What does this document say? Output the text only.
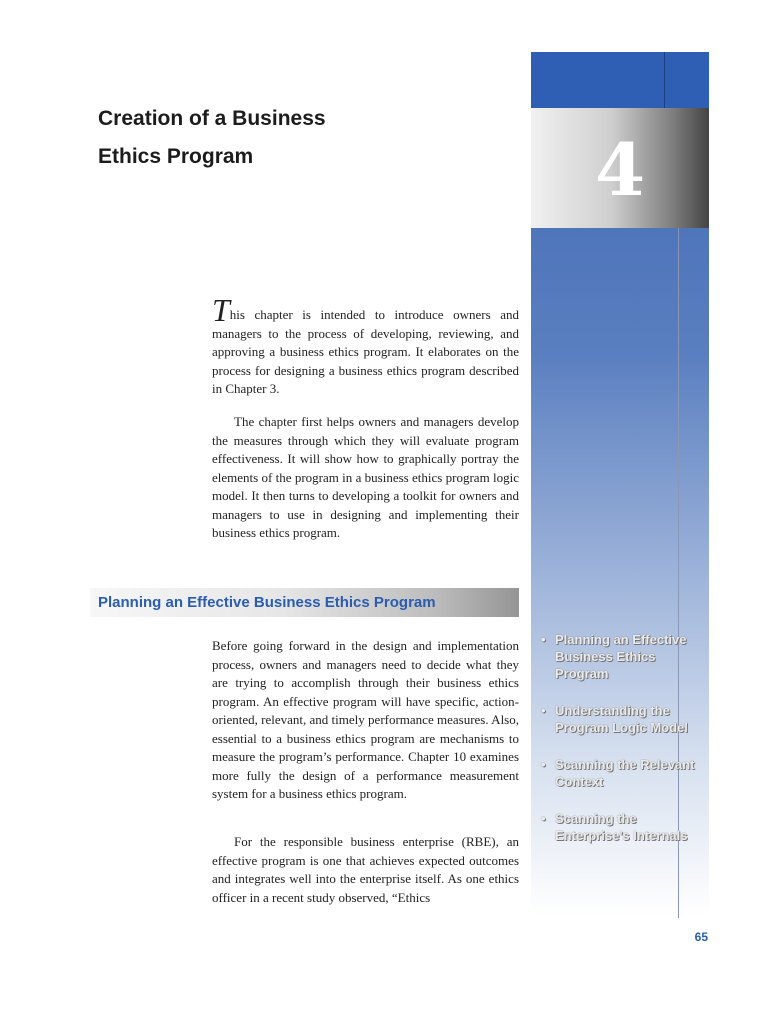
Creation of a Business
Ethics Program	4
• Planning an Effective Business Ethics Program
• Understanding the Program Logic Model
• Scanning the Relevant Context
• Scanning the Enterprise’s Internals

This chapter is intended to introduce owners and managers to the process of developing, reviewing, and approving a business ethics program. It elaborates on the process for designing a business ethics program described in Chapter 3.

The chapter first helps owners and managers develop the measures through which they will evaluate program effectiveness. It will show how to graphically portray the elements of the program in a business ethics program logic model. It then turns to developing a toolkit for owners and managers to use in designing and implementing their business ethics program.

Planning an Effective Business Ethics Program

Before going forward in the design and implementation process, owners and managers need to decide what they are trying to accomplish through their business ethics program. An effective program will have specific, action-oriented, relevant, and timely performance measures. Also, essential to a business ethics program are mechanisms to measure the program’s performance. Chapter 10 examines more fully the design of a performance measurement system for a business ethics program.

For the responsible business enterprise (RBE), an effective program is one that achieves expected outcomes and integrates well into the enterprise itself. As one ethics officer in a recent study observed, “Ethics

65
